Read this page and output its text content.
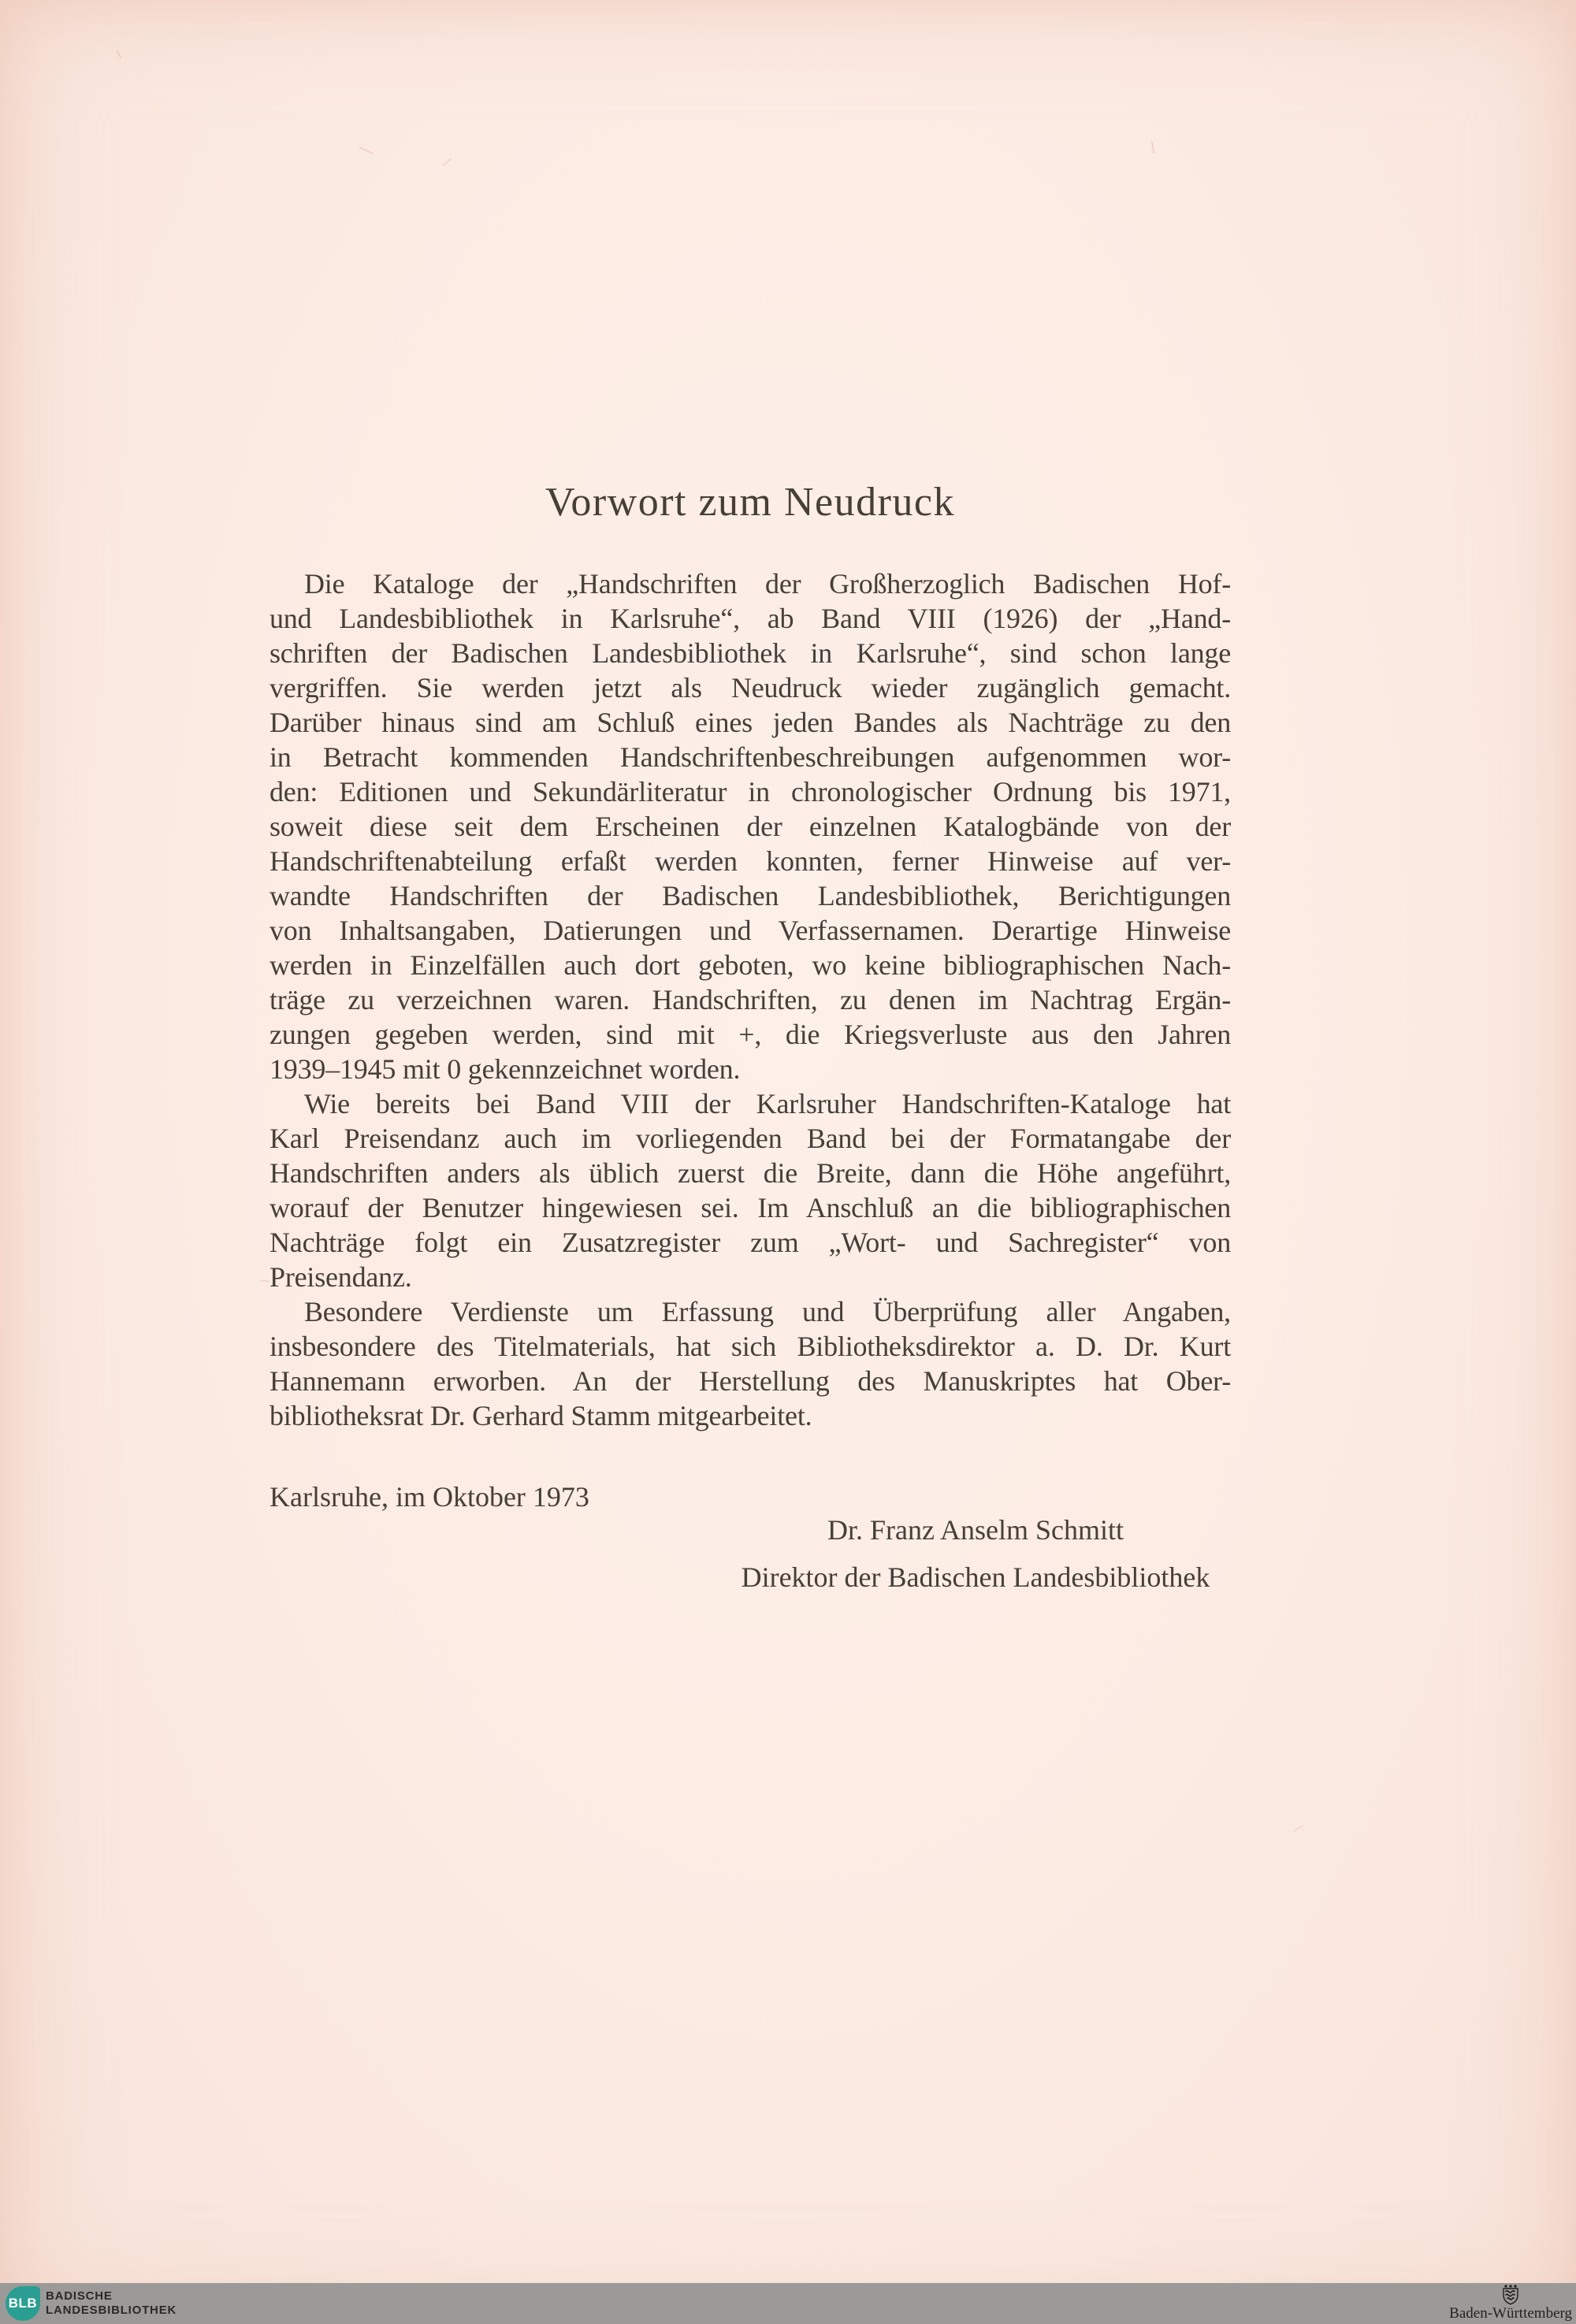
Vorwort zum Neudruck
Die Kataloge der „Handschriften der Großherzoglich Badischen Hof-
und Landesbibliothek in Karlsruhe“, ab Band VIII (1926) der „Hand-
schriften der Badischen Landesbibliothek in Karlsruhe“, sind schon lange
vergriffen. Sie werden jetzt als Neudruck wieder zugänglich gemacht.
Darüber hinaus sind am Schluß eines jeden Bandes als Nachträge zu den
in Betracht kommenden Handschriftenbeschreibungen aufgenommen wor-
den: Editionen und Sekundärliteratur in chronologischer Ordnung bis 1971,
soweit diese seit dem Erscheinen der einzelnen Katalogbände von der
Handschriftenabteilung erfaßt werden konnten, ferner Hinweise auf ver-
wandte Handschriften der Badischen Landesbibliothek, Berichtigungen
von Inhaltsangaben, Datierungen und Verfassernamen. Derartige Hinweise
werden in Einzelfällen auch dort geboten, wo keine bibliographischen Nach-
träge zu verzeichnen waren. Handschriften, zu denen im Nachtrag Ergän-
zungen gegeben werden, sind mit +, die Kriegsverluste aus den Jahren
1939–1945 mit 0 gekennzeichnet worden.
Wie bereits bei Band VIII der Karlsruher Handschriften-Kataloge hat
Karl Preisendanz auch im vorliegenden Band bei der Formatangabe der
Handschriften anders als üblich zuerst die Breite, dann die Höhe angeführt,
worauf der Benutzer hingewiesen sei. Im Anschluß an die bibliographischen
Nachträge folgt ein Zusatzregister zum „Wort- und Sachregister“ von
Preisendanz.
Besondere Verdienste um Erfassung und Überprüfung aller Angaben,
insbesondere des Titelmaterials, hat sich Bibliotheksdirektor a. D. Dr. Kurt
Hannemann erworben. An der Herstellung des Manuskriptes hat Ober-
bibliotheksrat Dr. Gerhard Stamm mitgearbeitet.
Karlsruhe, im Oktober 1973
Dr. Franz Anselm Schmitt
Direktor der Badischen Landesbibliothek
BLB BADISCHE
LANDESBIBLIOTHEK	Baden-Württemberg
